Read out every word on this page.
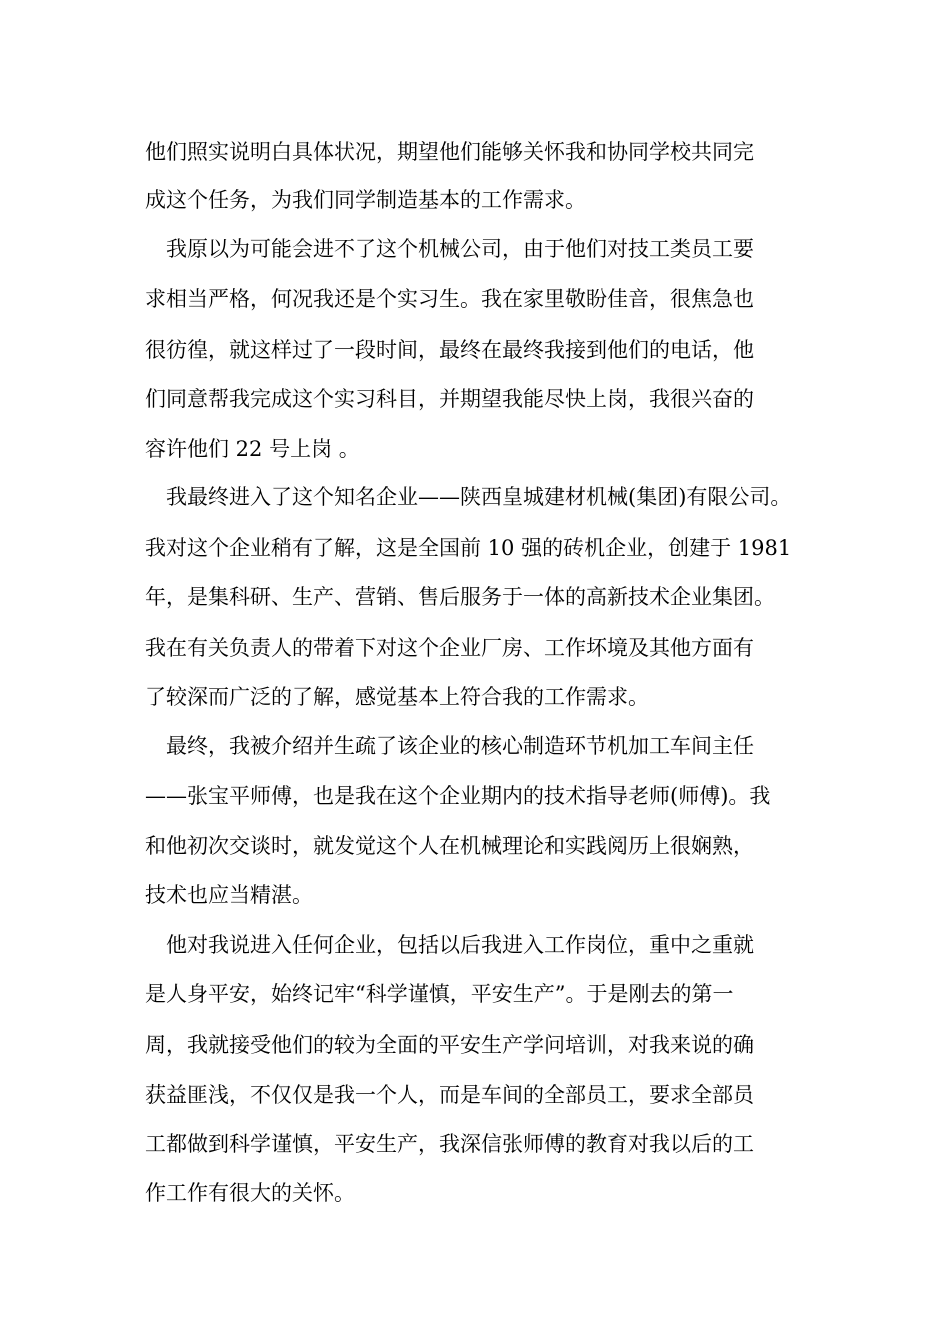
他们照实说明白具体状况，期望他们能够关怀我和协同学校共同完

成这个任务，为我们同学制造基本的工作需求。

我原以为可能会进不了这个机械公司，由于他们对技工类员工要

求相当严格，何况我还是个实习生。我在家里敬盼佳音，很焦急也

很彷徨，就这样过了一段时间，最终在最终我接到他们的电话，他

们同意帮我完成这个实习科目，并期望我能尽快上岗，我很兴奋的

容许他们 22 号上岗 。

我最终进入了这个知名企业——陕西皇城建材机械(集团)有限公司。

我对这个企业稍有了解，这是全国前 10 强的砖机企业，创建于 1981

年，是集科研、生产、营销、售后服务于一体的高新技术企业集团。

我在有关负责人的带着下对这个企业厂房、工作坏境及其他方面有

了较深而广泛的了解，感觉基本上符合我的工作需求。

最终，我被介绍并生疏了该企业的核心制造环节机加工车间主任

——张宝平师傅，也是我在这个企业期内的技术指导老师(师傅)。我

和他初次交谈时，就发觉这个人在机械理论和实践阅历上很娴熟，

技术也应当精湛。

他对我说进入任何企业，包括以后我进入工作岗位，重中之重就

是人身平安，始终记牢“科学谨慎，平安生产”。于是刚去的第一

周，我就接受他们的较为全面的平安生产学问培训，对我来说的确

获益匪浅，不仅仅是我一个人，而是车间的全部员工，要求全部员

工都做到科学谨慎，平安生产，我深信张师傅的教育对我以后的工

作工作有很大的关怀。
